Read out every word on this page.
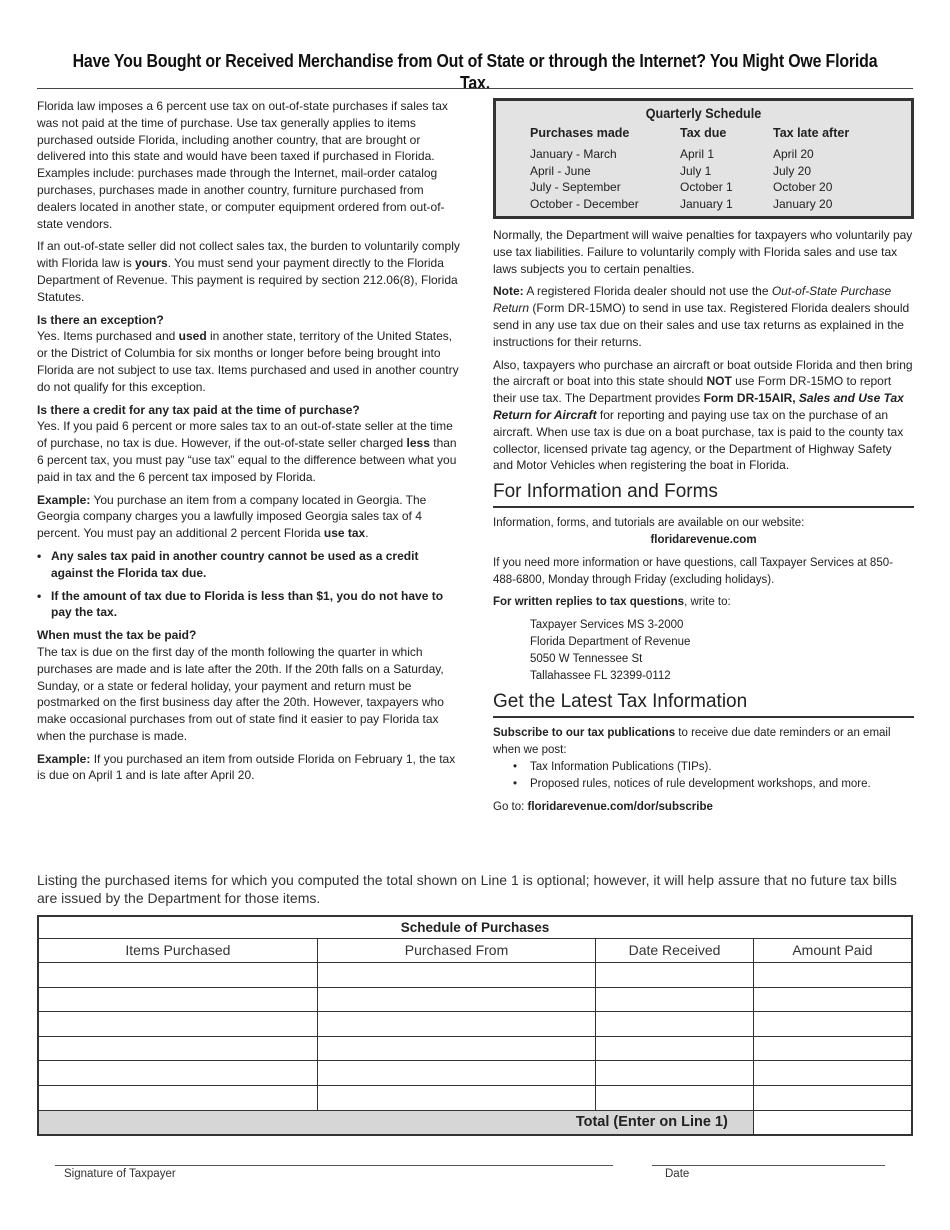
Have You Bought or Received Merchandise from Out of State or through the Internet? You Might Owe Florida Tax.

Florida law imposes a 6 percent use tax on out-of-state purchases if sales tax was not paid at the time of purchase. Use tax generally applies to items purchased outside Florida, including another country, that are brought or delivered into this state and would have been taxed if purchased in Florida. Examples include: purchases made through the Internet, mail-order catalog purchases, purchases made in another country, furniture purchased from dealers located in another state, or computer equipment ordered from out-of-state vendors.

If an out-of-state seller did not collect sales tax, the burden to voluntarily comply with Florida law is yours. You must send your payment directly to the Florida Department of Revenue. This payment is required by section 212.06(8), Florida Statutes.

Is there an exception?

Yes. Items purchased and used in another state, territory of the United States, or the District of Columbia for six months or longer before being brought into Florida are not subject to use tax. Items purchased and used in another country do not qualify for this exception.

Is there a credit for any tax paid at the time of purchase?

Yes. If you paid 6 percent or more sales tax to an out-of-state seller at the time of purchase, no tax is due. However, if the out-of-state seller charged less than 6 percent tax, you must pay “use tax” equal to the difference between what you paid in tax and the 6 percent tax imposed by Florida.

Example: You purchase an item from a company located in Georgia. The Georgia company charges you a lawfully imposed Georgia sales tax of 4 percent. You must pay an additional 2 percent Florida use tax.

• Any sales tax paid in another country cannot be used as a credit against the Florida tax due.
• If the amount of tax due to Florida is less than $1, you do not have to pay the tax.
When must the tax be paid?

The tax is due on the first day of the month following the quarter in which purchases are made and is late after the 20th. If the 20th falls on a Saturday, Sunday, or a state or federal holiday, your payment and return must be postmarked on the first business day after the 20th. However, taxpayers who make occasional purchases from out of state find it easier to pay Florida tax when the purchase is made.

Example: If you purchased an item from outside Florida on February 1, the tax is due on April 1 and is late after April 20.

Quarterly Schedule
Purchases made	Tax due	Tax late after
January - March	April 1	April 20
April - June	July 1	July 20
July - September	October 1	October 20
October - December	January 1	January 20

Normally, the Department will waive penalties for taxpayers who voluntarily pay use tax liabilities. Failure to voluntarily comply with Florida sales and use tax laws subjects you to certain penalties.

Note: A registered Florida dealer should not use the Out-of-State Purchase Return (Form DR-15MO) to send in use tax. Registered Florida dealers should send in any use tax due on their sales and use tax returns as explained in the instructions for their returns.

Also, taxpayers who purchase an aircraft or boat outside Florida and then bring the aircraft or boat into this state should NOT use Form DR-15MO to report their use tax. The Department provides Form DR-15AIR, Sales and Use Tax Return for Aircraft for reporting and paying use tax on the purchase of an aircraft. When use tax is due on a boat purchase, tax is paid to the county tax collector, licensed private tag agency, or the Department of Highway Safety and Motor Vehicles when registering the boat in Florida.

For Information and Forms
Information, forms, and tutorials are available on our website:
floridarevenue.com

If you need more information or have questions, call Taxpayer Services at 850-488-6800, Monday through Friday (excluding holidays).

For written replies to tax questions, write to:

Taxpayer Services MS 3-2000
Florida Department of Revenue
5050 W Tennessee St
Tallahassee FL 32399-0112
Get the Latest Tax Information
Subscribe to our tax publications to receive due date reminders or an email when we post:
• Tax Information Publications (TIPs).
• Proposed rules, notices of rule development workshops, and more.
Go to: floridarevenue.com/dor/subscribe
Listing the purchased items for which you computed the total shown on Line 1 is optional; however, it will help assure that no future tax bills are issued by the Department for those items.
Schedule of Purchases			
Items Purchased	Purchased From	Date Received	Amount Paid

Total (Enter on Line 1)			
Signature of Taxpayer	Date
